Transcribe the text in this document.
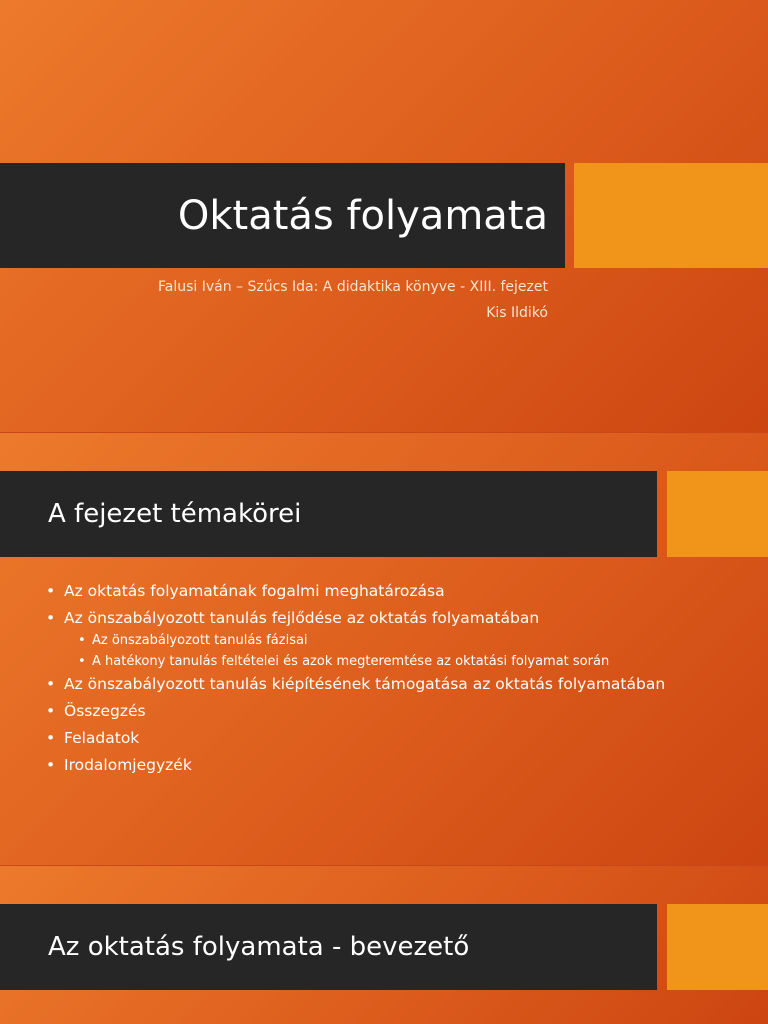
Oktatás folyamata
Falusi Iván – Szűcs Ida: A didaktika könyve - XIII. fejezet
Kis Ildikó
A fejezet témakörei
• Az oktatás folyamatának fogalmi meghatározása
• Az önszabályozott tanulás fejlődése az oktatás folyamatában
• Az önszabályozott tanulás fázisai
• A hatékony tanulás feltételei és azok megteremtése az oktatási folyamat során
• Az önszabályozott tanulás kiépítésének támogatása az oktatás folyamatában
• Összegzés
• Feladatok
• Irodalomjegyzék
Az oktatás folyamata - bevezető
